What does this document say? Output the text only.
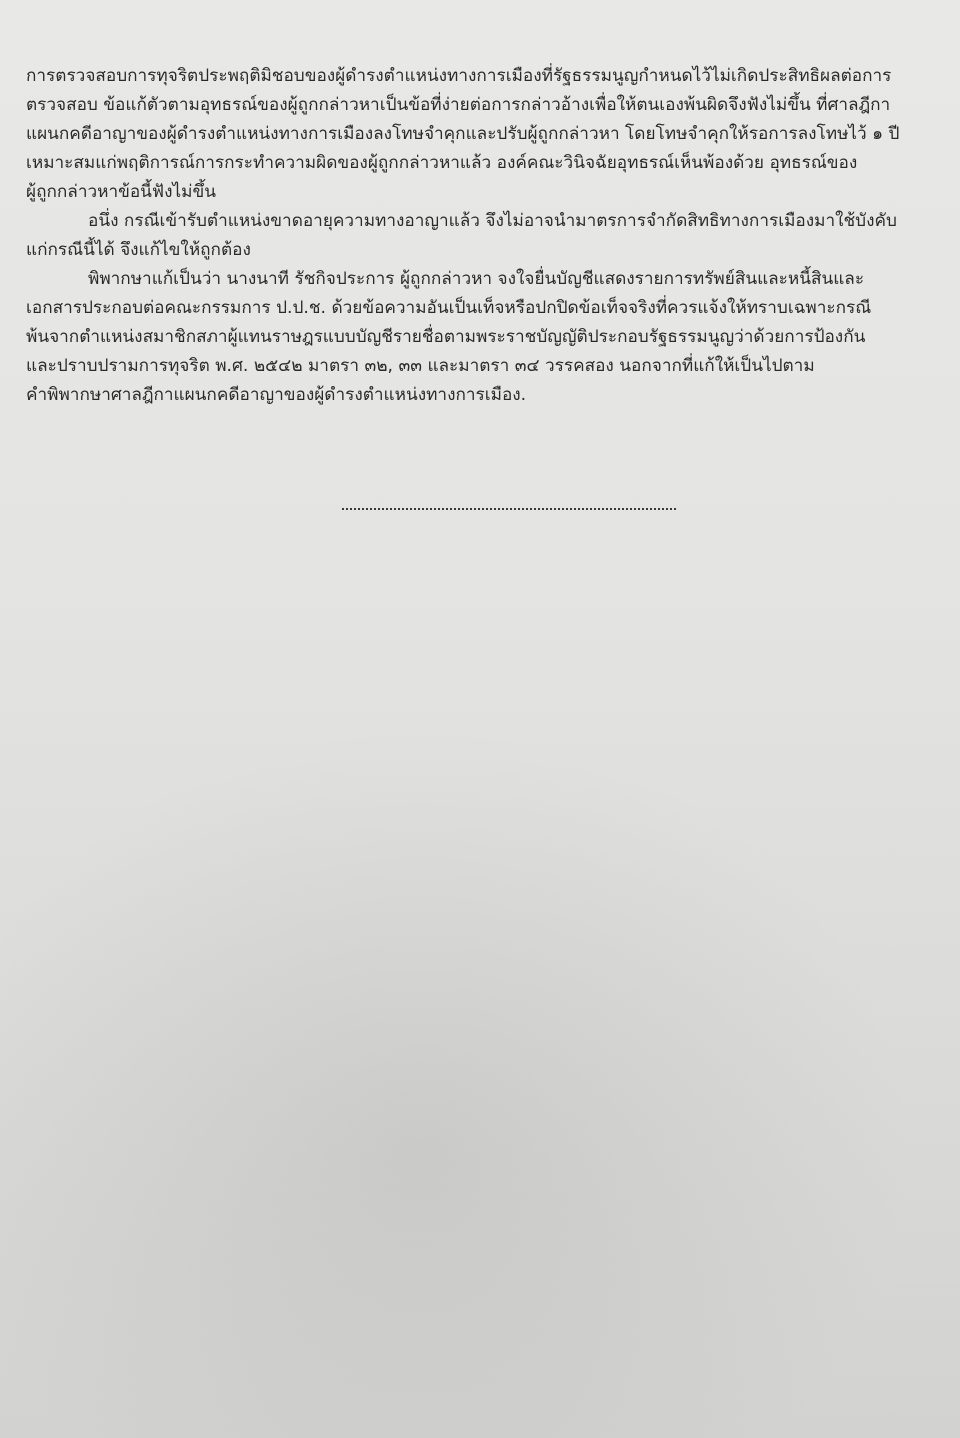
การตรวจสอบการทุจริตประพฤติมิชอบของผู้ดำรงตำแหน่งทางการเมืองที่รัฐธรรมนูญกำหนดไว้ไม่เกิดประสิทธิผลต่อการ
ตรวจสอบ ข้อแก้ตัวตามอุทธรณ์ของผู้ถูกกล่าวหาเป็นข้อที่ง่ายต่อการกล่าวอ้างเพื่อให้ตนเองพ้นผิดจึงฟังไม่ขึ้น ที่ศาลฎีกา
แผนกคดีอาญาของผู้ดำรงตำแหน่งทางการเมืองลงโทษจำคุกและปรับผู้ถูกกล่าวหา โดยโทษจำคุกให้รอการลงโทษไว้ ๑ ปี
เหมาะสมแก่พฤติการณ์การกระทำความผิดของผู้ถูกกล่าวหาแล้ว องค์คณะวินิจฉัยอุทธรณ์เห็นพ้องด้วย อุทธรณ์ของ
ผู้ถูกกล่าวหาข้อนี้ฟังไม่ขึ้น
อนึ่ง กรณีเข้ารับตำแหน่งขาดอายุความทางอาญาแล้ว จึงไม่อาจนำมาตรการจำกัดสิทธิทางการเมืองมาใช้บังคับ
แก่กรณีนี้ได้ จึงแก้ไขให้ถูกต้อง
พิพากษาแก้เป็นว่า นางนาที รัชกิจประการ ผู้ถูกกล่าวหา จงใจยื่นบัญชีแสดงรายการทรัพย์สินและหนี้สินและ
เอกสารประกอบต่อคณะกรรมการ ป.ป.ช. ด้วยข้อความอันเป็นเท็จหรือปกปิดข้อเท็จจริงที่ควรแจ้งให้ทราบเฉพาะกรณี
พ้นจากตำแหน่งสมาชิกสภาผู้แทนราษฎรแบบบัญชีรายชื่อตามพระราชบัญญัติประกอบรัฐธรรมนูญว่าด้วยการป้องกัน
และปราบปรามการทุจริต พ.ศ. ๒๕๔๒ มาตรา ๓๒, ๓๓ และมาตรา ๓๔ วรรคสอง นอกจากที่แก้ให้เป็นไปตาม
คำพิพากษาศาลฎีกาแผนกคดีอาญาของผู้ดำรงตำแหน่งทางการเมือง.
